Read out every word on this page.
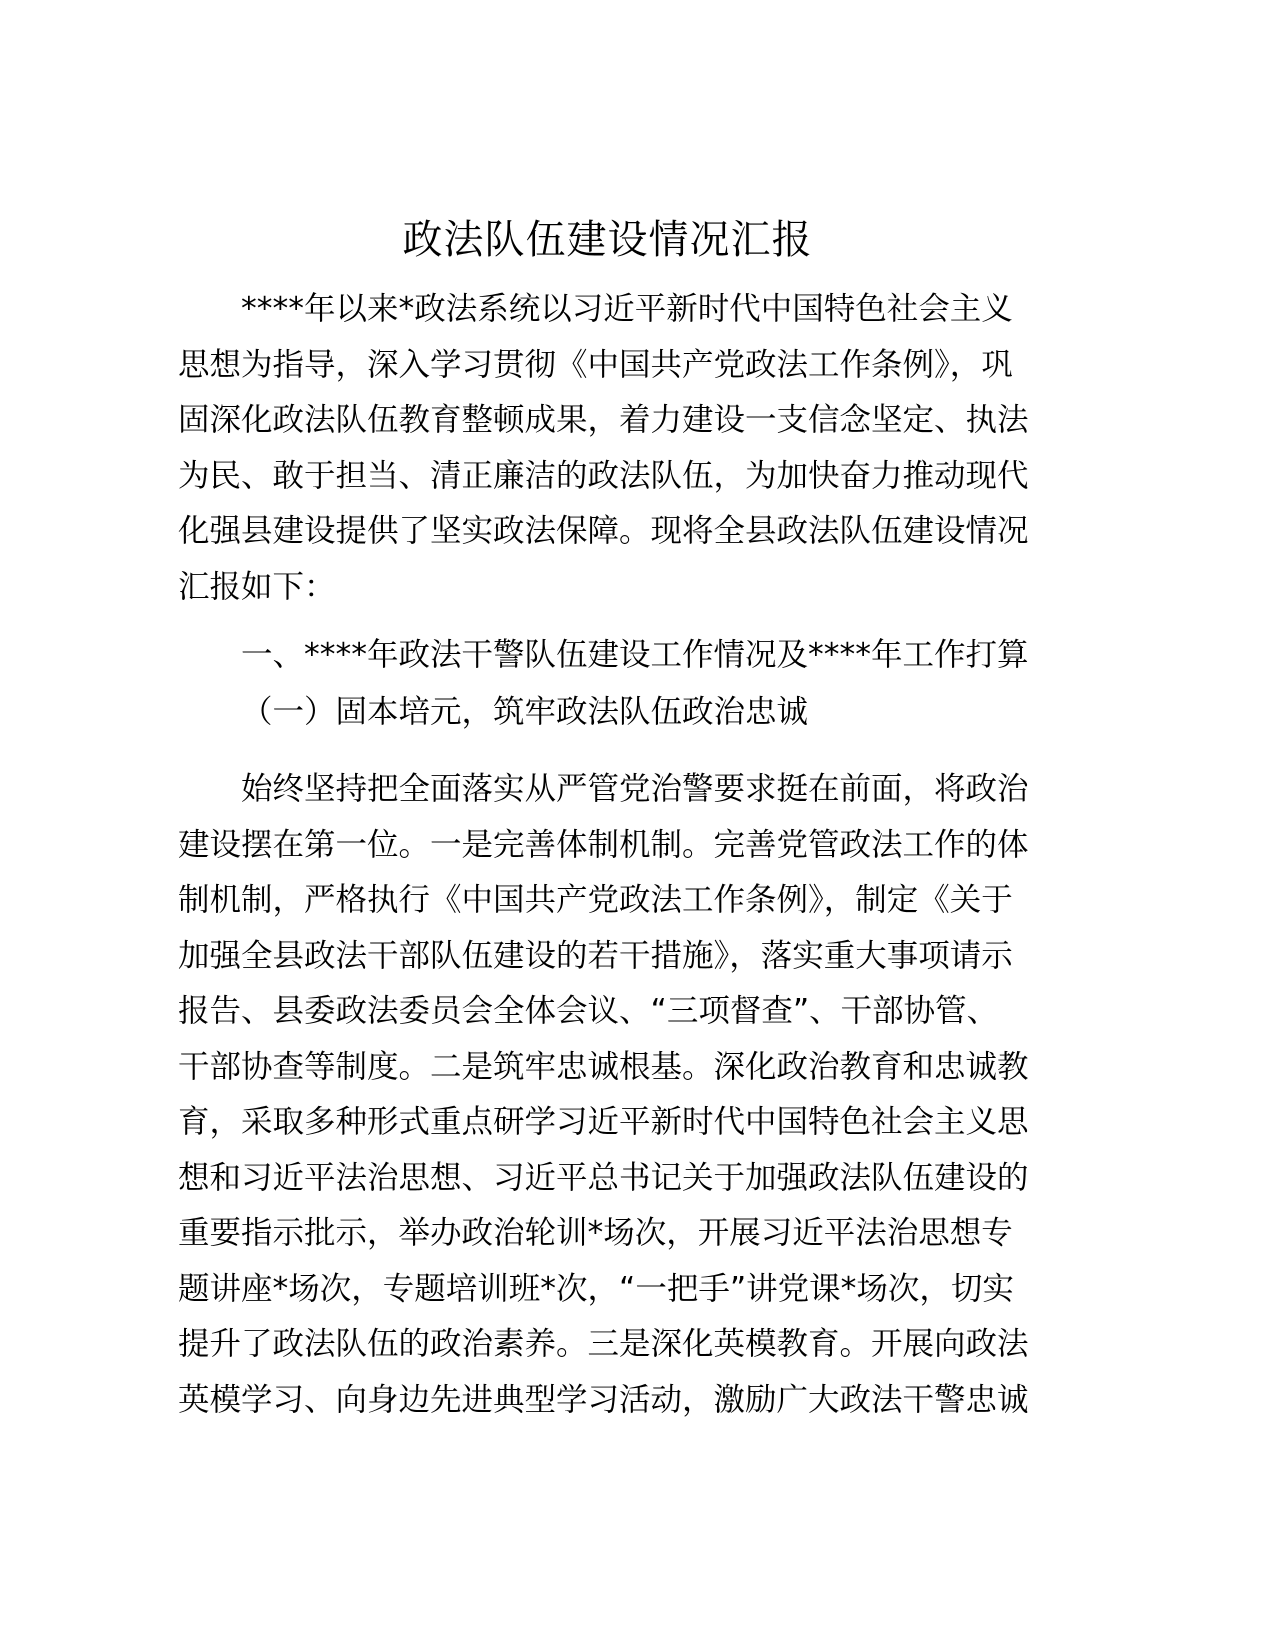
政法队伍建设情况汇报
****年以来*政法系统以习近平新时代中国特色社会主义
思想为指导，深入学习贯彻《中国共产党政法工作条例》，巩
固深化政法队伍教育整顿成果，着力建设一支信念坚定、执法
为民、敢于担当、清正廉洁的政法队伍，为加快奋力推动现代
化强县建设提供了坚实政法保障。现将全县政法队伍建设情况
汇报如下：
一、****年政法干警队伍建设工作情况及****年工作打算
（一）固本培元，筑牢政法队伍政治忠诚
始终坚持把全面落实从严管党治警要求挺在前面，将政治
建设摆在第一位。一是完善体制机制。完善党管政法工作的体
制机制，严格执行《中国共产党政法工作条例》，制定《关于
加强全县政法干部队伍建设的若干措施》，落实重大事项请示
报告、县委政法委员会全体会议、“三项督查”、干部协管、
干部协查等制度。二是筑牢忠诚根基。深化政治教育和忠诚教
育，采取多种形式重点研学习近平新时代中国特色社会主义思
想和习近平法治思想、习近平总书记关于加强政法队伍建设的
重要指示批示，举办政治轮训*场次，开展习近平法治思想专
题讲座*场次，专题培训班*次，“一把手”讲党课*场次，切实
提升了政法队伍的政治素养。三是深化英模教育。开展向政法
英模学习、向身边先进典型学习活动，激励广大政法干警忠诚
